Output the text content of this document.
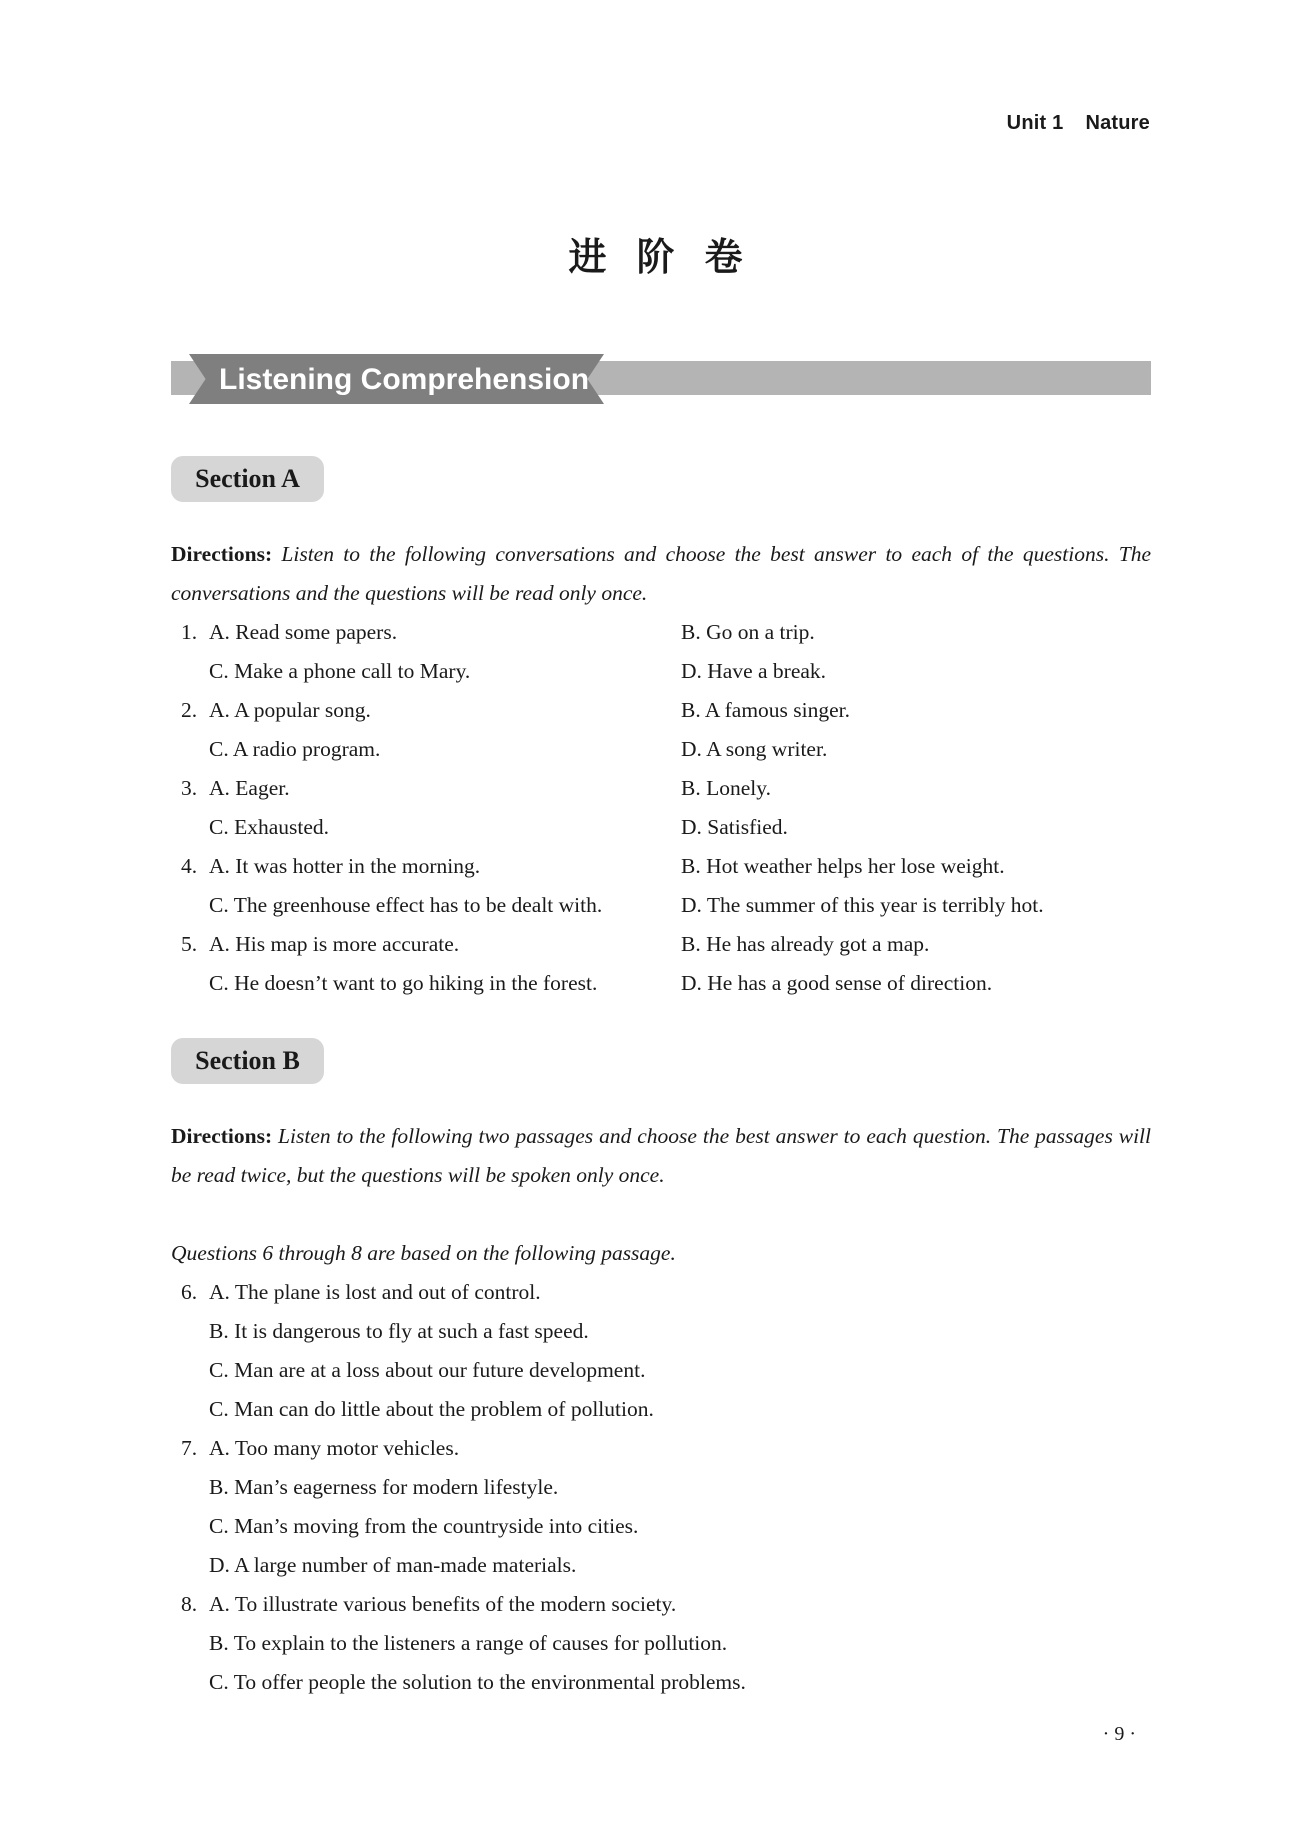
Unit 1 Nature
进阶卷
Listening Comprehension
Section A
Directions: Listen to the following conversations and choose the best answer to each of the questions. The conversations and the questions will be read only once.
1. A. Read some papers.	B. Go on a trip.
C. Make a phone call to Mary.	D. Have a break.
2. A. A popular song.	B. A famous singer.
C. A radio program.	D. A song writer.
3. A. Eager.	B. Lonely.
C. Exhausted.	D. Satisfied.
4. A. It was hotter in the morning.	B. Hot weather helps her lose weight.
C. The greenhouse effect has to be dealt with.	D. The summer of this year is terribly hot.
5. A. His map is more accurate.	B. He has already got a map.
C. He doesn’t want to go hiking in the forest.	D. He has a good sense of direction.
Section B
Directions: Listen to the following two passages and choose the best answer to each question. The passages will be read twice, but the questions will be spoken only once.
Questions 6 through 8 are based on the following passage.
6. A. The plane is lost and out of control.
B. It is dangerous to fly at such a fast speed.
C. Man are at a loss about our future development.
C. Man can do little about the problem of pollution.
7. A. Too many motor vehicles.
B. Man’s eagerness for modern lifestyle.
C. Man’s moving from the countryside into cities.
D. A large number of man-made materials.
8. A. To illustrate various benefits of the modern society.
B. To explain to the listeners a range of causes for pollution.
C. To offer people the solution to the environmental problems.
· 9 ·
